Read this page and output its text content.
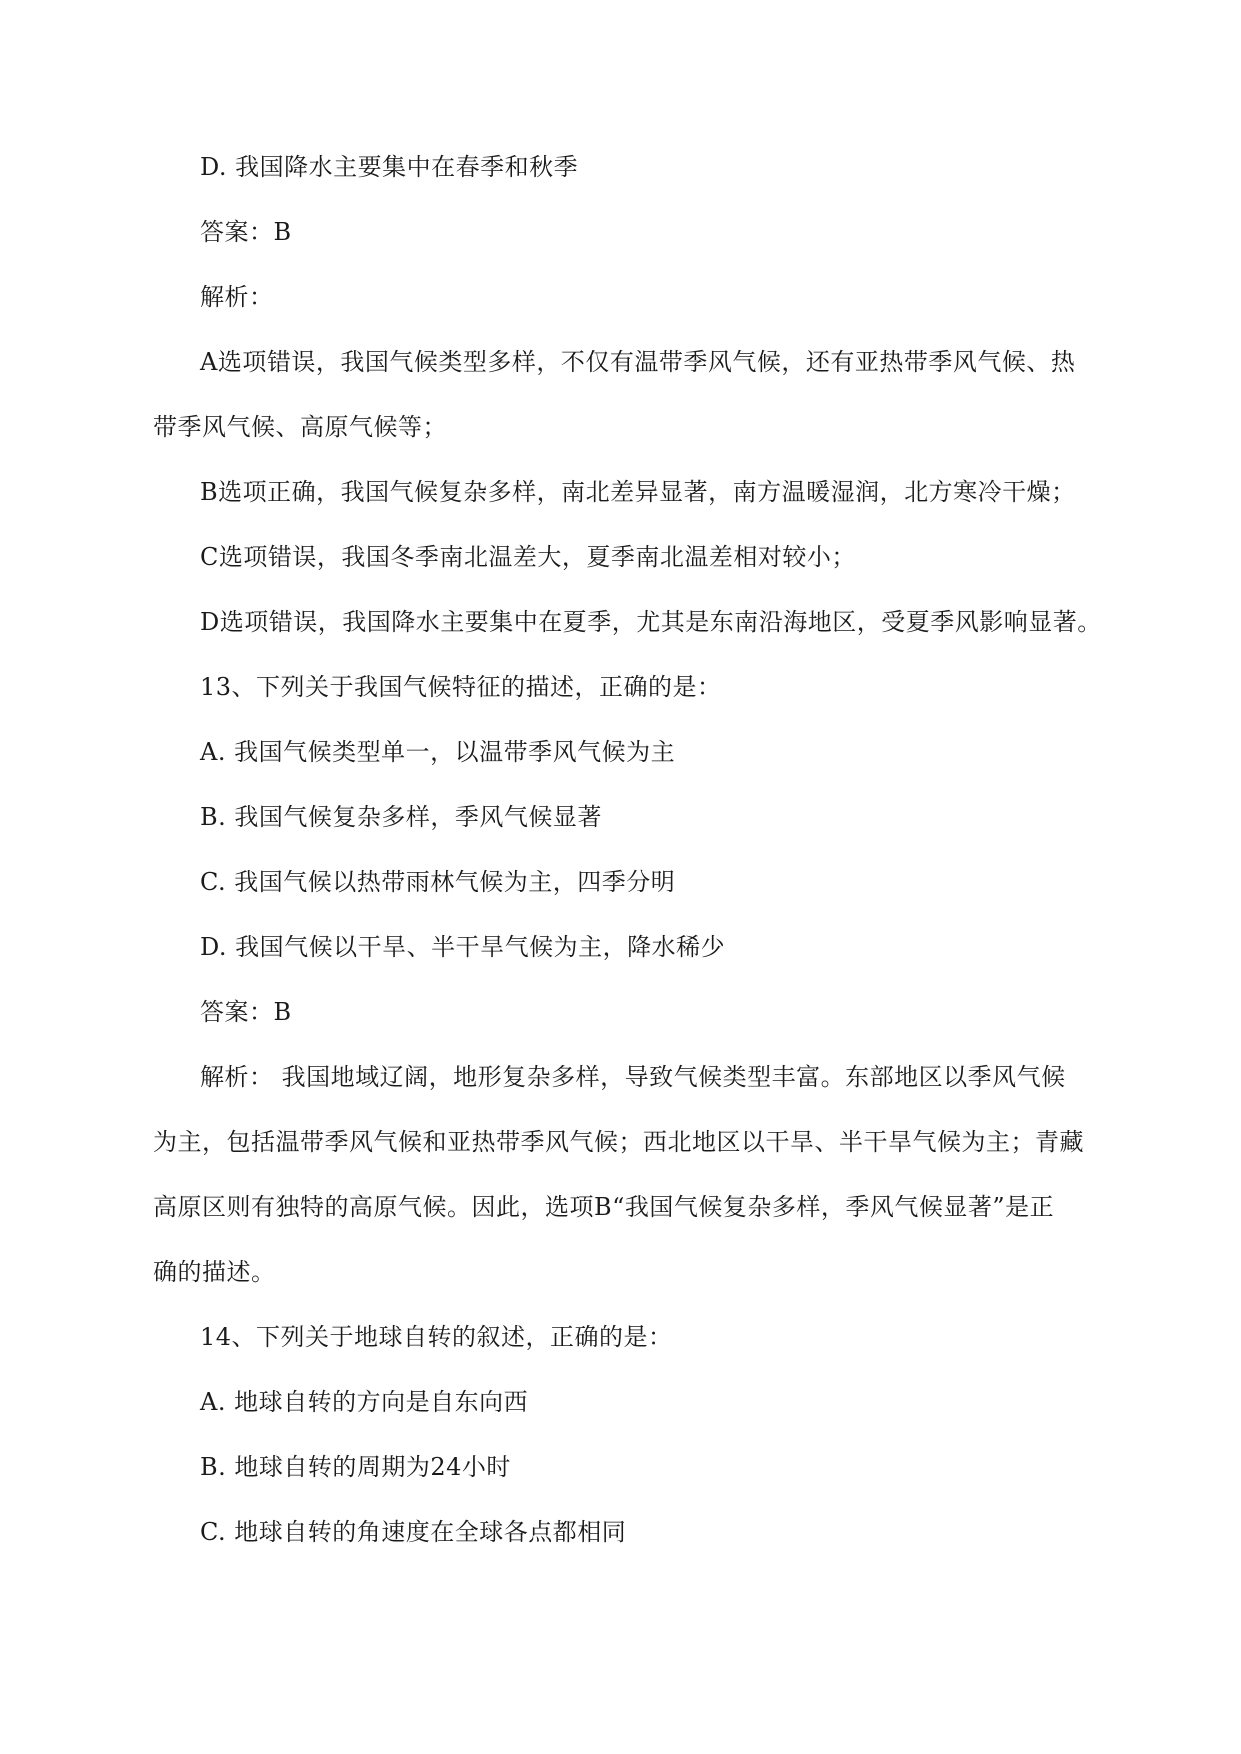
D. 我国降水主要集中在春季和秋季
答案：B
解析：
A选项错误，我国气候类型多样，不仅有温带季风气候，还有亚热带季风气候、热
带季风气候、高原气候等；
B选项正确，我国气候复杂多样，南北差异显著，南方温暖湿润，北方寒冷干燥；
C选项错误，我国冬季南北温差大，夏季南北温差相对较小；
D选项错误，我国降水主要集中在夏季，尤其是东南沿海地区，受夏季风影响显著。
13、下列关于我国气候特征的描述，正确的是：
A. 我国气候类型单一，以温带季风气候为主
B. 我国气候复杂多样，季风气候显著
C. 我国气候以热带雨林气候为主，四季分明
D. 我国气候以干旱、半干旱气候为主，降水稀少
答案：B
解析： 我国地域辽阔，地形复杂多样，导致气候类型丰富。东部地区以季风气候
为主，包括温带季风气候和亚热带季风气候；西北地区以干旱、半干旱气候为主；青藏
高原区则有独特的高原气候。因此，选项B“我国气候复杂多样，季风气候显著”是正
确的描述。
14、下列关于地球自转的叙述，正确的是：
A. 地球自转的方向是自东向西
B. 地球自转的周期为24小时
C. 地球自转的角速度在全球各点都相同
